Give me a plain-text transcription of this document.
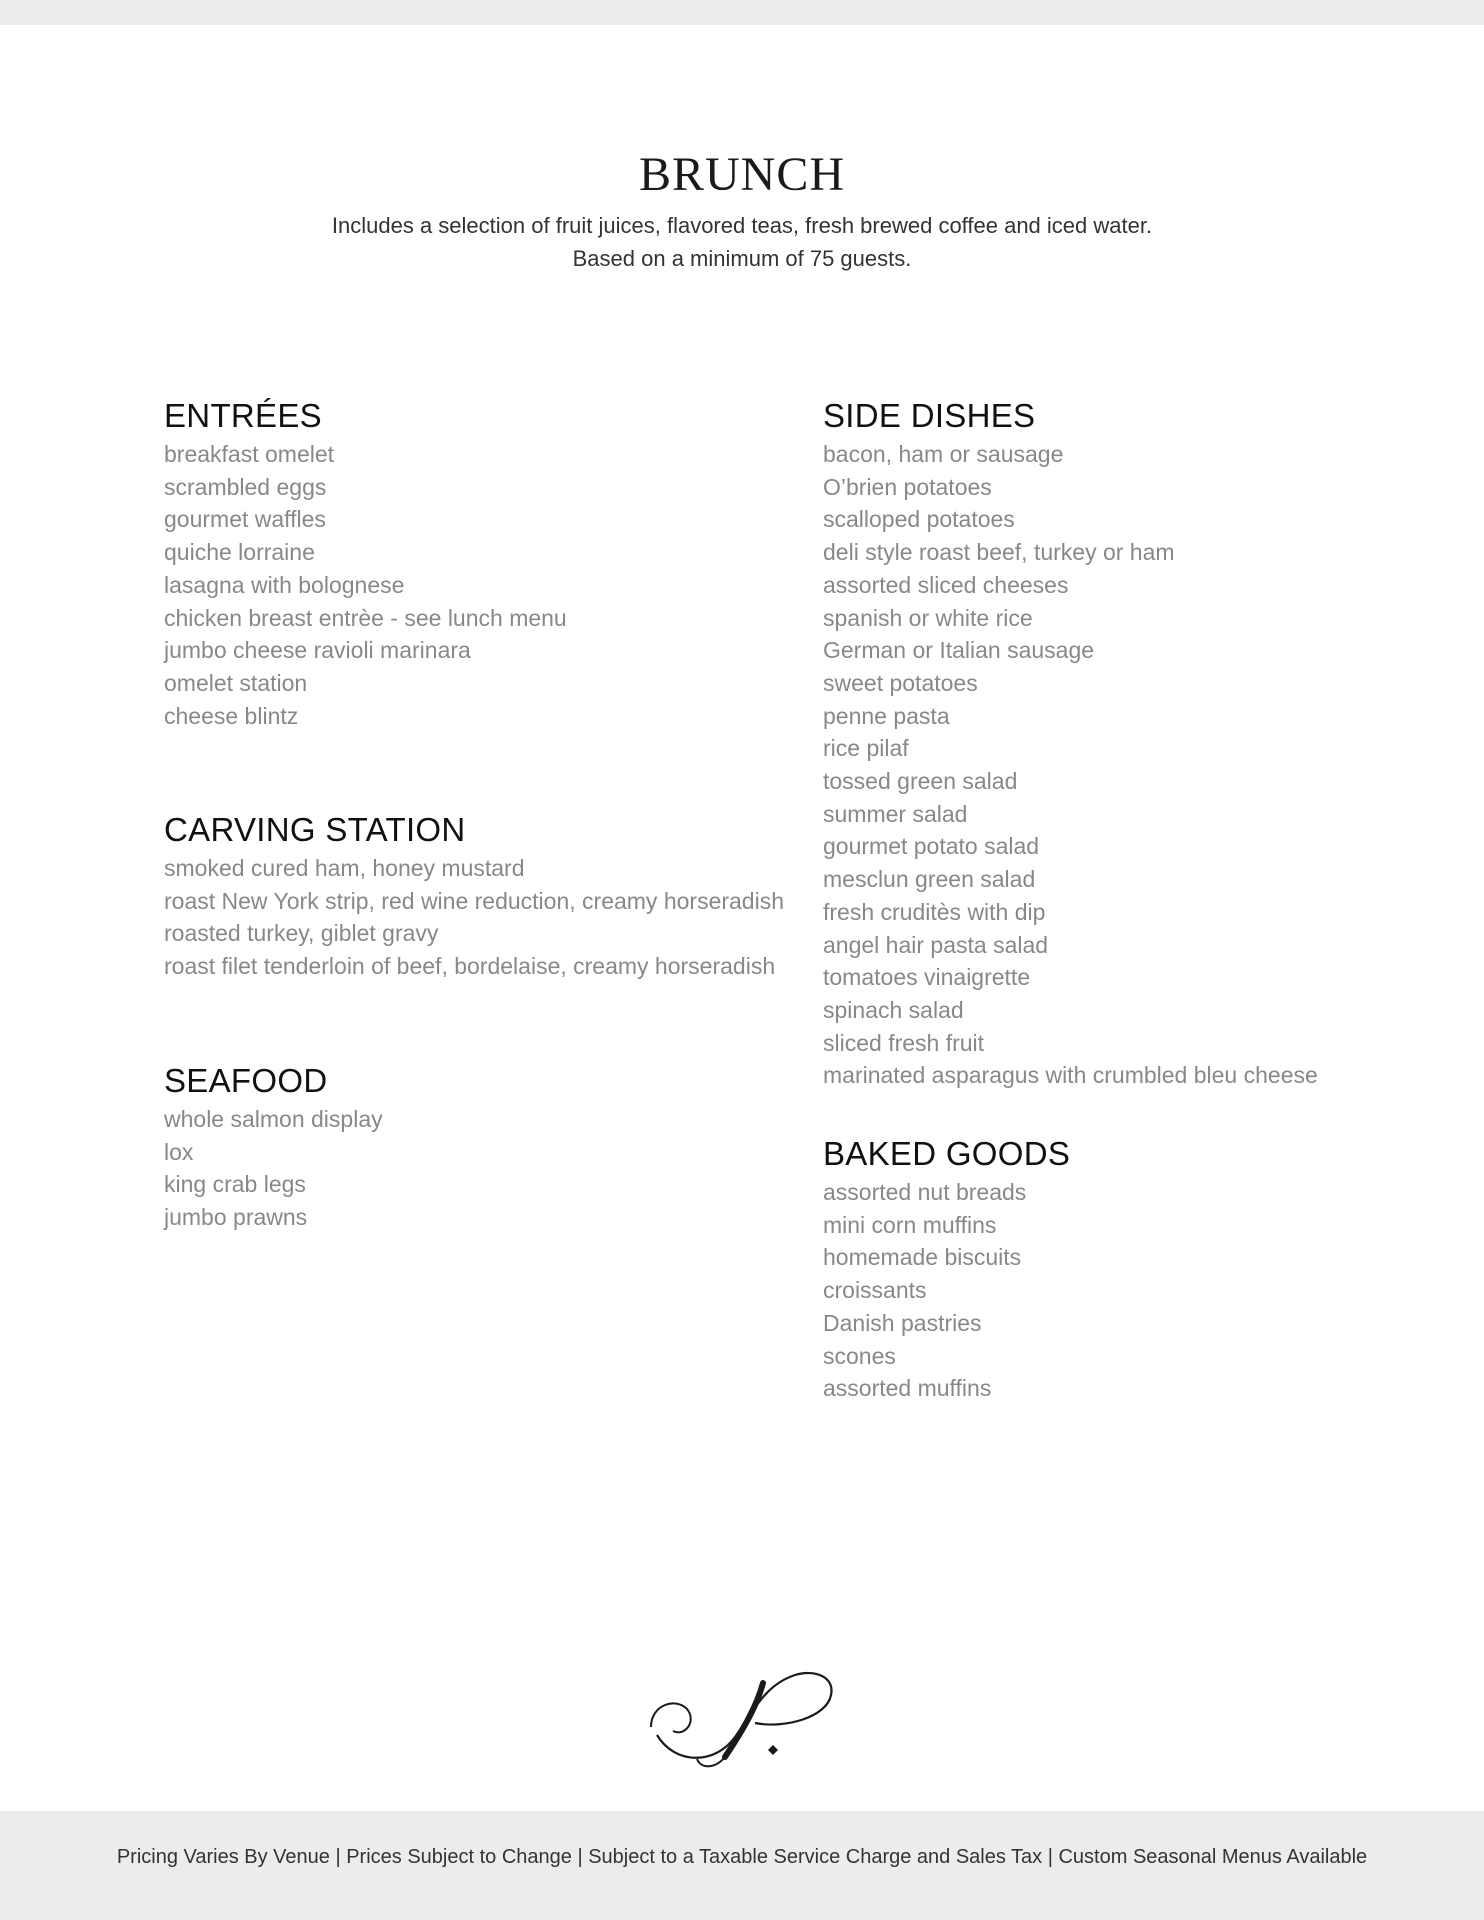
BRUNCH
Includes a selection of fruit juices, flavored teas, fresh brewed coffee and iced water.
Based on a minimum of 75 guests.
ENTRÉES
breakfast omelet
scrambled eggs
gourmet waffles
quiche lorraine
lasagna with bolognese
chicken breast entrèe - see lunch menu
jumbo cheese ravioli marinara
omelet station
cheese blintz
CARVING STATION
smoked cured ham, honey mustard
roast New York strip, red wine reduction, creamy horseradish
roasted turkey, giblet gravy
roast filet tenderloin of beef, bordelaise, creamy horseradish
SEAFOOD
whole salmon display
lox
king crab legs
jumbo prawns
SIDE DISHES
bacon, ham or sausage
O’brien potatoes
scalloped potatoes
deli style roast beef, turkey or ham
assorted sliced cheeses
spanish or white rice
German or Italian sausage
sweet potatoes
penne pasta
rice pilaf
tossed green salad
summer salad
gourmet potato salad
mesclun green salad
fresh cruditès with dip
angel hair pasta salad
tomatoes vinaigrette
spinach salad
sliced fresh fruit
marinated asparagus with crumbled bleu cheese
BAKED GOODS
assorted nut breads
mini corn muffins
homemade biscuits
croissants
Danish pastries
scones
assorted muffins
Pricing Varies By Venue | Prices Subject to Change | Subject to a Taxable Service Charge and Sales Tax | Custom Seasonal Menus Available
